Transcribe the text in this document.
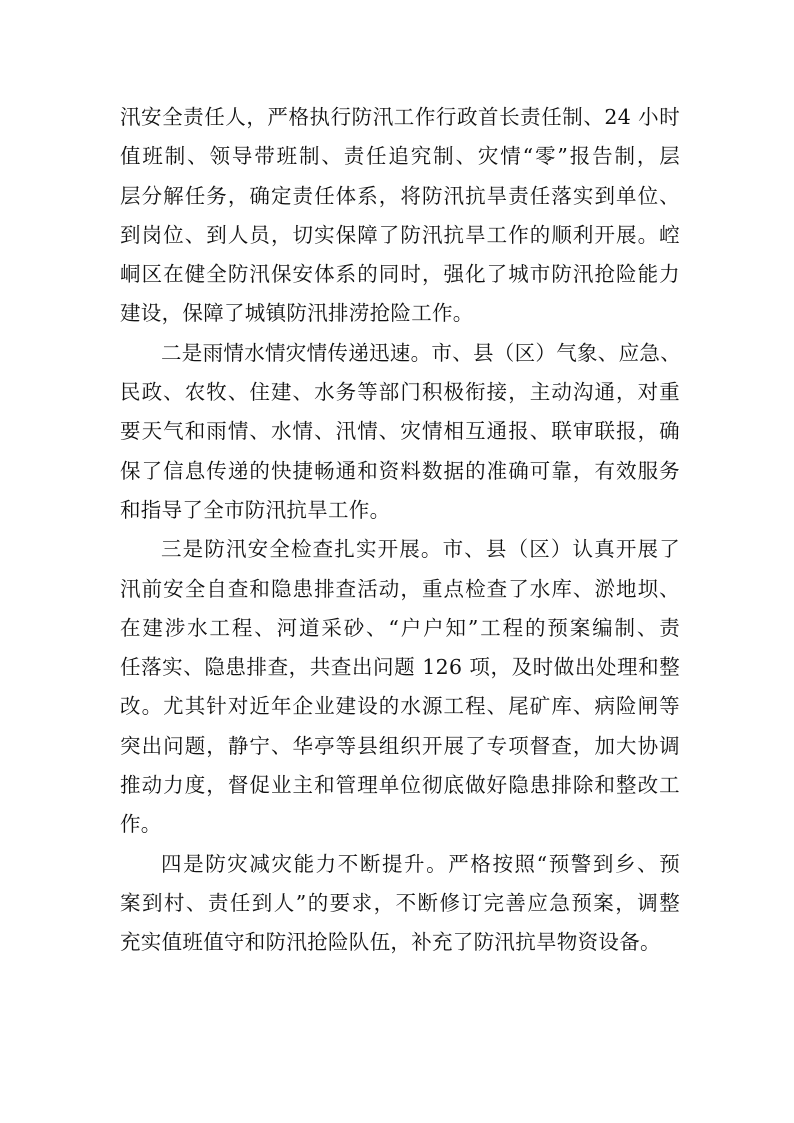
汛安全责任人，严格执行防汛工作行政首长责任制、24 小时
值班制、领导带班制、责任追究制、灾情“零”报告制，层
层分解任务，确定责任体系，将防汛抗旱责任落实到单位、
到岗位、到人员，切实保障了防汛抗旱工作的顺利开展。崆
峒区在健全防汛保安体系的同时，强化了城市防汛抢险能力
建设，保障了城镇防汛排涝抢险工作。
二是雨情水情灾情传递迅速。市、县（区）气象、应急、
民政、农牧、住建、水务等部门积极衔接，主动沟通，对重
要天气和雨情、水情、汛情、灾情相互通报、联审联报，确
保了信息传递的快捷畅通和资料数据的准确可靠，有效服务
和指导了全市防汛抗旱工作。
三是防汛安全检查扎实开展。市、县（区）认真开展了
汛前安全自查和隐患排查活动，重点检查了水库、淤地坝、
在建涉水工程、河道采砂、“户户知”工程的预案编制、责
任落实、隐患排查，共查出问题 126 项，及时做出处理和整
改。尤其针对近年企业建设的水源工程、尾矿库、病险闸等
突出问题，静宁、华亭等县组织开展了专项督查，加大协调
推动力度，督促业主和管理单位彻底做好隐患排除和整改工
作。
四是防灾减灾能力不断提升。严格按照“预警到乡、预
案到村、责任到人”的要求，不断修订完善应急预案，调整
充实值班值守和防汛抢险队伍，补充了防汛抗旱物资设备。
